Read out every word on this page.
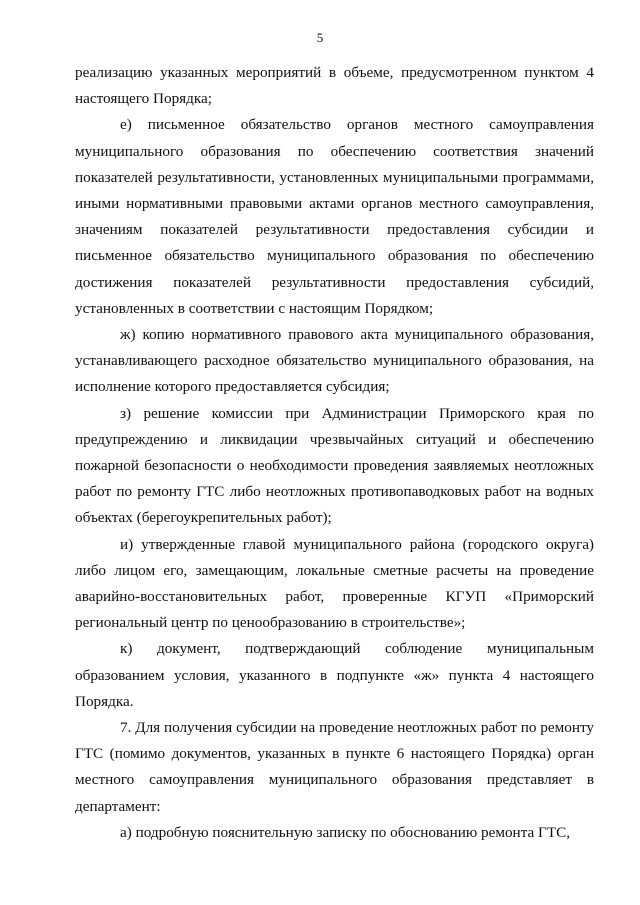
5

реализацию указанных мероприятий в объеме, предусмотренном пунктом 4 настоящего Порядка;

е) письменное обязательство органов местного самоуправления муниципального образования по обеспечению соответствия значений показателей результативности, установленных муниципальными программами, иными нормативными правовыми актами органов местного самоуправления, значениям показателей результативности предоставления субсидии и письменное обязательство муниципального образования по обеспечению достижения показателей результативности предоставления субсидий, установленных в соответствии с настоящим Порядком;

ж) копию нормативного правового акта муниципального образования, устанавливающего расходное обязательство муниципального образования, на исполнение которого предоставляется субсидия;

з) решение комиссии при Администрации Приморского края по предупреждению и ликвидации чрезвычайных ситуаций и обеспечению пожарной безопасности о необходимости проведения заявляемых неотложных работ по ремонту ГТС либо неотложных противопаводковых работ на водных объектах (берегоукрепительных работ);

и) утвержденные главой муниципального района (городского округа) либо лицом его, замещающим, локальные сметные расчеты на проведение аварийно-восстановительных работ, проверенные КГУП «Приморский региональный центр по ценообразованию в строительстве»;

к) документ, подтверждающий соблюдение муниципальным образованием условия, указанного в подпункте «ж» пункта 4 настоящего Порядка.

7. Для получения субсидии на проведение неотложных работ по ремонту ГТС (помимо документов, указанных в пункте 6 настоящего Порядка) орган местного самоуправления муниципального образования представляет в департамент:

а) подробную пояснительную записку по обоснованию ремонта ГТС,
